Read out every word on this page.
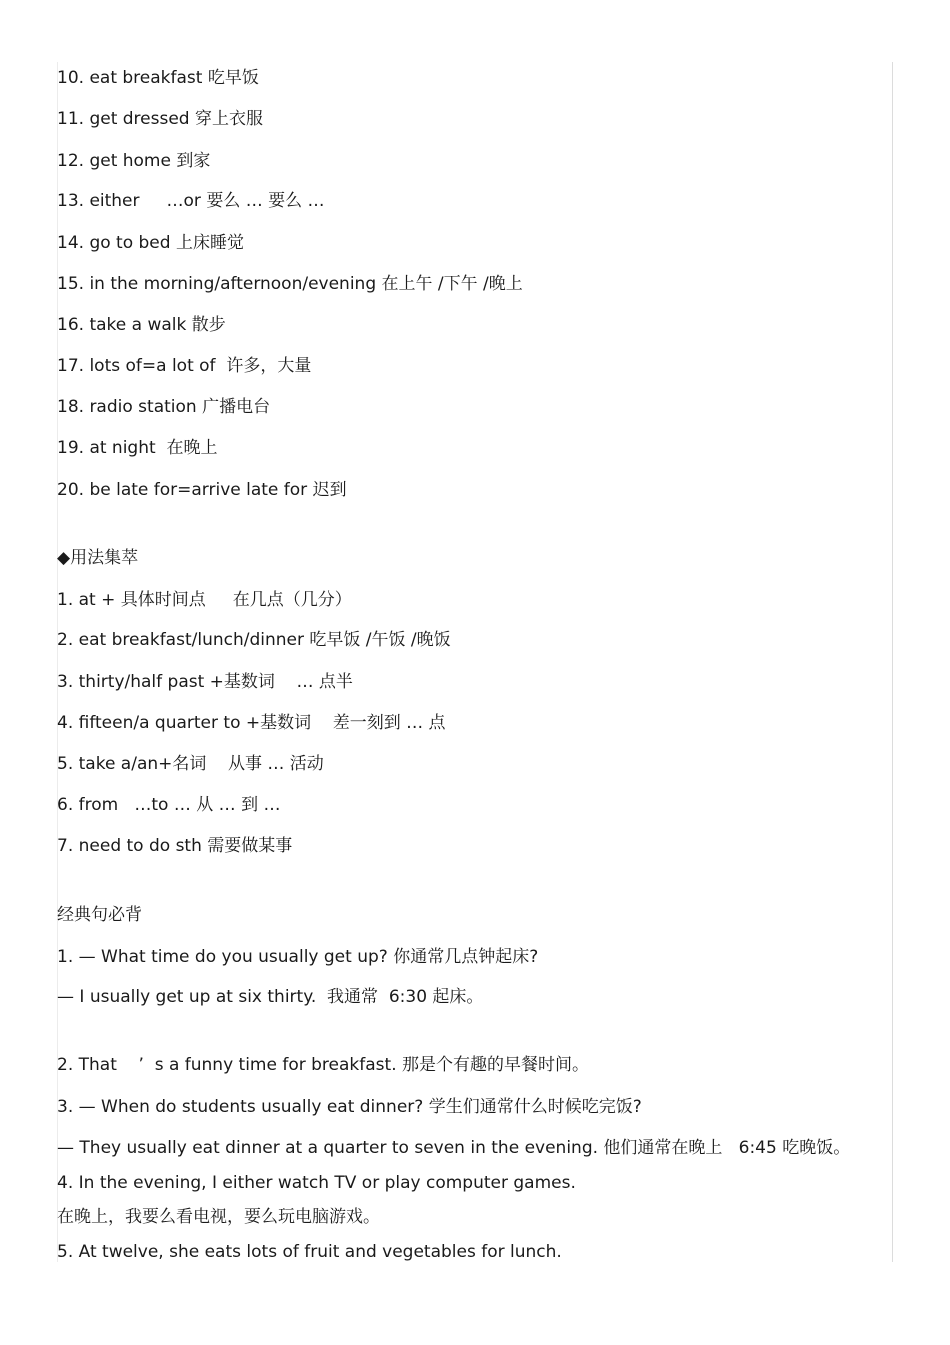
10. eat breakfast 吃早饭
11. get dressed 穿上衣服
12. get home 到家
13. either     …or 要么 … 要么 …
14. go to bed 上床睡觉
15. in the morning/afternoon/evening 在上午 /下午 /晚上
16. take a walk 散步
17. lots of=a lot of  许多，大量
18. radio station 广播电台
19. at night  在晚上
20. be late for=arrive late for 迟到
◆用法集萃
1. at + 具体时间点     在几点（几分）
2. eat breakfast/lunch/dinner 吃早饭 /午饭 /晚饭
3. thirty/half past +基数词    … 点半
4. fifteen/a quarter to +基数词    差一刻到 … 点
5. take a/an+名词    从事 … 活动
6. from   …to … 从 … 到 …
7. need to do sth 需要做某事
经典句必背
1. — What time do you usually get up? 你通常几点钟起床?
— I usually get up at six thirty.  我通常  6:30 起床。
2. That    ’  s a funny time for breakfast. 那是个有趣的早餐时间。
3. — When do students usually eat dinner? 学生们通常什么时候吃完饭?
— They usually eat dinner at a quarter to seven in the evening. 他们通常在晚上   6:45 吃晚饭。
4. In the evening, I either watch TV or play computer games.
在晚上，我要么看电视，要么玩电脑游戏。
5. At twelve, she eats lots of fruit and vegetables for lunch.
